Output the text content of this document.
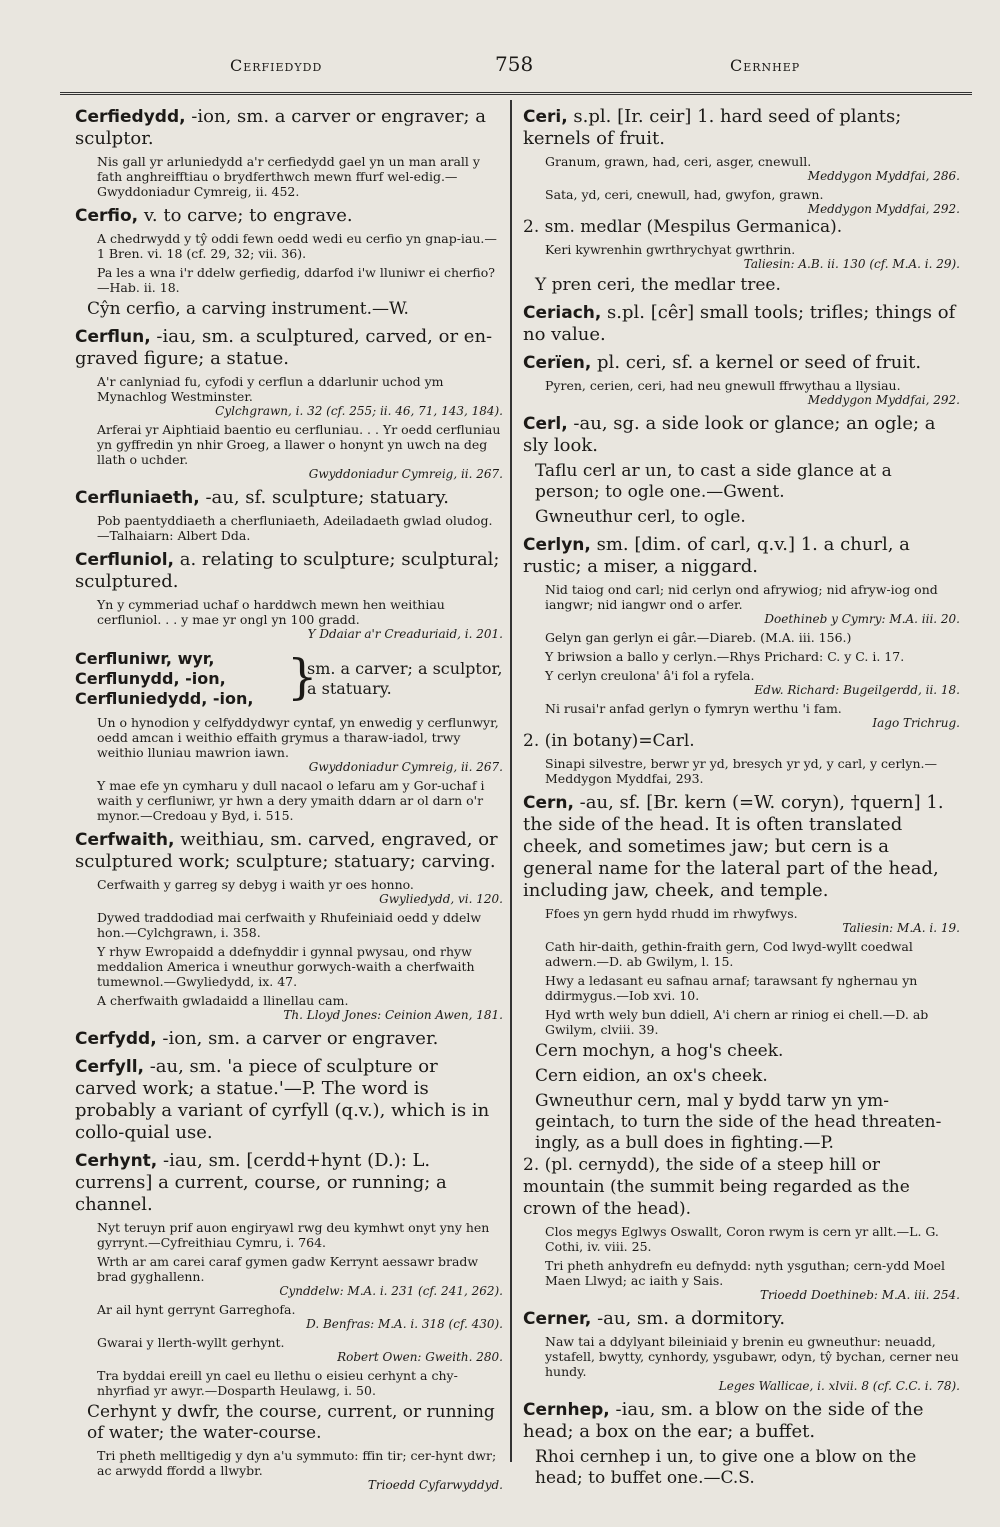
Cerfiedydd	758	Cernhep
Cerfiedydd, -ion, sm. a carver or engraver; a sculptor.
Nis gall yr arluniedydd a'r cerfiedydd gael yn un man arall y fath anghreifftiau o brydferthwch mewn ffurf wel-edig.—Gwyddoniadur Cymreig, ii. 452.
Cerfio, v. to carve; to engrave.
A chedrwydd y tŷ oddi fewn oedd wedi eu cerfio yn gnap-iau.—1 Bren. vi. 18 (cf. 29, 32; vii. 36).
Pa les a wna i'r ddelw gerfiedig, ddarfod i'w lluniwr ei cherfio?—Hab. ii. 18.
Cŷn cerfio, a carving instrument.—W.
Cerflun, -iau, sm. a sculptured, carved, or en-graved figure; a statue.
A'r canlyniad fu, cyfodi y cerflun a ddarlunir uchod ym Mynachlog Westminster.
Cylchgrawn, i. 32 (cf. 255; ii. 46, 71, 143, 184).
Arferai yr Aiphtiaid baentio eu cerfluniau. . . Yr oedd cerfluniau yn gyffredin yn nhir Groeg, a llawer o honynt yn uwch na deg llath o uchder.
Gwyddoniadur Cymreig, ii. 267.
Cerfluniaeth, -au, sf. sculpture; statuary.
Pob paentyddiaeth a cherfluniaeth, Adeiladaeth gwlad oludog.—Talhaiarn: Albert Dda.
Cerfluniol, a. relating to sculpture; sculptural; sculptured.
Yn y cymmeriad uchaf o harddwch mewn hen weithiau cerfluniol. . . y mae yr ongl yn 100 gradd.
Y Ddaiar a'r Creaduriaid, i. 201.
Cerfluniwr, wyr,
Cerflunydd, -ion,
Cerfluniedydd, -ion, }
sm. a carver; a sculptor, a statuary.
Un o hynodion y celfyddydwyr cyntaf, yn enwedig y cerflunwyr, oedd amcan i weithio effaith grymus a tharaw-iadol, trwy weithio lluniau mawrion iawn.
Gwyddoniadur Cymreig, ii. 267.
Y mae efe yn cymharu y dull nacaol o lefaru am y Gor-uchaf i waith y cerfluniwr, yr hwn a dery ymaith ddarn ar ol darn o'r mynor.—Credoau y Byd, i. 515.
Cerfwaith, weithiau, sm. carved, engraved, or sculptured work; sculpture; statuary; carving.
Cerfwaith y garreg sy debyg i waith yr oes honno.
Gwyliedydd, vi. 120.
Dywed traddodiad mai cerfwaith y Rhufeiniaid oedd y ddelw hon.—Cylchgrawn, i. 358.
Y rhyw Ewropaidd a ddefnyddir i gynnal pwysau, ond rhyw meddalion America i wneuthur gorwych-waith a cherfwaith tumewnol.—Gwyliedydd, ix. 47.
A cherfwaith gwladaidd a llinellau cam.
Th. Lloyd Jones: Ceinion Awen, 181.
Cerfydd, -ion, sm. a carver or engraver.
Cerfyll, -au, sm. 'a piece of sculpture or carved work; a statue.'—P. The word is probably a variant of cyrfyll (q.v.), which is in collo-quial use.
Cerhynt, -iau, sm. [cerdd+hynt (D.): L. currens] a current, course, or running; a channel.
Nyt teruyn prif auon engiryawl rwg deu kymhwt onyt yny hen gyrrynt.—Cyfreithiau Cymru, i. 764.
Wrth ar am carei caraf gymen gadw Kerrynt aessawr bradw brad gyghallenn.
Cynddelw: M.A. i. 231 (cf. 241, 262).
Ar ail hynt gerrynt Garreghofa.
D. Benfras: M.A. i. 318 (cf. 430).
Gwarai y llerth-wyllt gerhynt.
Robert Owen: Gweith. 280.
Tra byddai ereill yn cael eu llethu o eisieu cerhynt a chy-nhyrfiad yr awyr.—Dosparth Heulawg, i. 50.
Cerhynt y dwfr, the course, current, or running of water; the water-course.
Tri pheth melltigedig y dyn a'u symmuto: ffin tir; cer-hynt dwr; ac arwydd ffordd a llwybr.
Trioedd Cyfarwyddyd.
Ceri, s.pl. [Ir. ceir] 1. hard seed of plants; kernels of fruit.
Granum, grawn, had, ceri, asger, cnewull.
Meddygon Myddfai, 286.
Sata, yd, ceri, cnewull, had, gwyfon, grawn.
Meddygon Myddfai, 292.
2. sm. medlar (Mespilus Germanica).
Keri kywrenhin gwrthrychyat gwrthrin.
Taliesin: A.B. ii. 130 (cf. M.A. i. 29).
Y pren ceri, the medlar tree.
Ceriach, s.pl. [cêr] small tools; trifles; things of no value.
Cerïen, pl. ceri, sf. a kernel or seed of fruit.
Pyren, cerien, ceri, had neu gnewull ffrwythau a llysiau.
Meddygon Myddfai, 292.
Cerl, -au, sg. a side look or glance; an ogle; a sly look.
Taflu cerl ar un, to cast a side glance at a person; to ogle one.—Gwent.
Gwneuthur cerl, to ogle.
Cerlyn, sm. [dim. of carl, q.v.] 1. a churl, a rustic; a miser, a niggard.
Nid taiog ond carl; nid cerlyn ond afrywiog; nid afryw-iog ond iangwr; nid iangwr ond o arfer.
Doethineb y Cymry: M.A. iii. 20.
Gelyn gan gerlyn ei gâr.—Diareb. (M.A. iii. 156.)
Y briwsion a ballo y cerlyn.—Rhys Prichard: C. y C. i. 17.
Y cerlyn creulona' â'i fol a ryfela.
Edw. Richard: Bugeilgerdd, ii. 18.
Ni rusai'r anfad gerlyn o fymryn werthu 'i fam.
Iago Trichrug.
2. (in botany)=Carl.
Sinapi silvestre, berwr yr yd, bresych yr yd, y carl, y cerlyn.—Meddygon Myddfai, 293.
Cern, -au, sf. [Br. kern (=W. coryn), †quern] 1. the side of the head. It is often translated cheek, and sometimes jaw; but cern is a general name for the lateral part of the head, including jaw, cheek, and temple.
Ffoes yn gern hydd rhudd im rhwyfwys.
Taliesin: M.A. i. 19.
Cath hir-daith, gethin-fraith gern, Cod lwyd-wyllt coedwal adwern.—D. ab Gwilym, l. 15.
Hwy a ledasant eu safnau arnaf; tarawsant fy nghernau yn ddirmygus.—Iob xvi. 10.
Hyd wrth wely bun ddiell, A'i chern ar riniog ei chell.—D. ab Gwilym, clviii. 39.
Cern mochyn, a hog's cheek.
Cern eidion, an ox's cheek.
Gwneuthur cern, mal y bydd tarw yn ym-geintach, to turn the side of the head threaten-ingly, as a bull does in fighting.—P.
2. (pl. cernydd), the side of a steep hill or mountain (the summit being regarded as the crown of the head).
Clos megys Eglwys Oswallt, Coron rwym is cern yr allt.—L. G. Cothi, iv. viii. 25.
Tri pheth anhydrefn eu defnydd: nyth ysguthan; cern-ydd Moel Maen Llwyd; ac iaith y Sais.
Trioedd Doethineb: M.A. iii. 254.
Cerner, -au, sm. a dormitory.
Naw tai a ddylyant bileiniaid y brenin eu gwneuthur: neuadd, ystafell, bwytty, cynhordy, ysgubawr, odyn, tŷ bychan, cerner neu hundy.
Leges Wallicae, i. xlvii. 8 (cf. C.C. i. 78).
Cernhep, -iau, sm. a blow on the side of the head; a box on the ear; a buffet.
Rhoi cernhep i un, to give one a blow on the head; to buffet one.—C.S.
